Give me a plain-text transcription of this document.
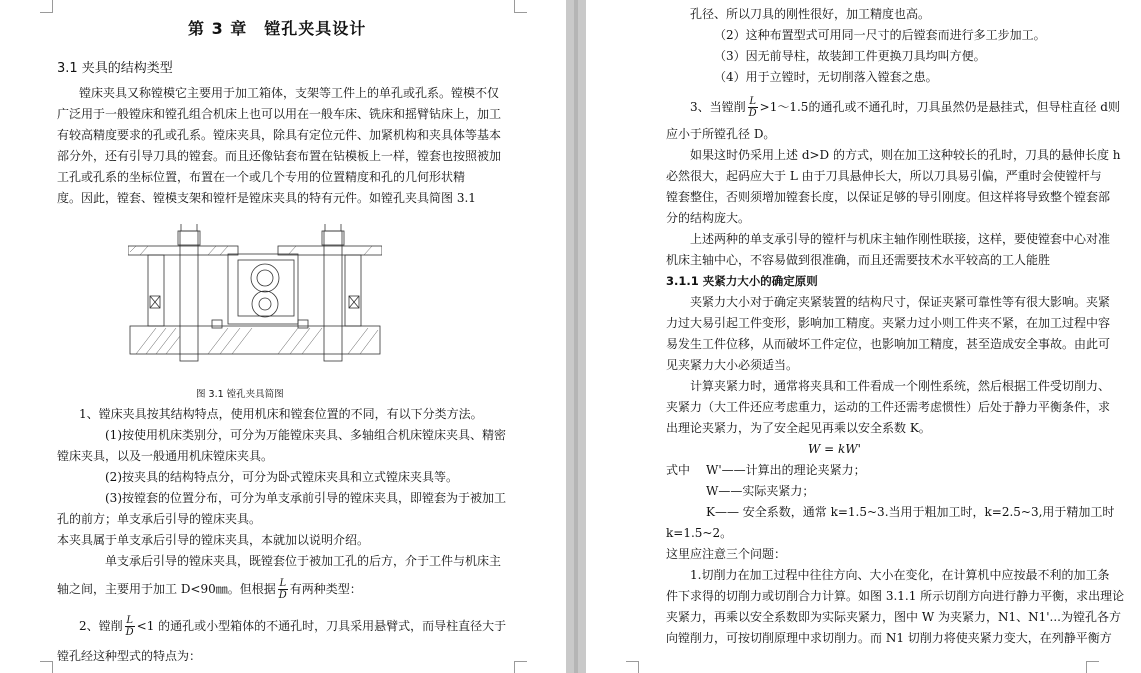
第 3 章　镗孔夹具设计
3.1 夹具的结构类型
镗床夹具又称镗模它主要用于加工箱体，支架等工件上的单孔或孔系。镗模不仅
广泛用于一般镗床和镗孔组合机床上也可以用在一般车床、铣床和摇臂钻床上，加工
有较高精度要求的孔或孔系。镗床夹具，除具有定位元件、加紧机构和夹具体等基本
部分外，还有引导刀具的镗套。而且还像钻套布置在钻模板上一样，镗套也按照被加
工孔或孔系的坐标位置，布置在一个或几个专用的位置精度和孔的几何形状精
度。因此，镗套、镗模支架和镗杆是镗床夹具的特有元件。如镗孔夹具简图 3.1
图 3.1 镗孔夹具简图
1、镗床夹具按其结构特点，使用机床和镗套位置的不同，有以下分类方法。
(1)按使用机床类别分，可分为万能镗床夹具、多轴组合机床镗床夹具、精密
镗床夹具，以及一般通用机床镗床夹具。
(2)按夹具的结构特点分，可分为卧式镗床夹具和立式镗床夹具等。
(3)按镗套的位置分布，可分为单支承前引导的镗床夹具，即镗套为于被加工
孔的前方；单支承后引导的镗床夹具。
本夹具属于单支承后引导的镗床夹具，本就加以说明介绍。
单支承后引导的镗床夹具，既镗套位于被加工孔的后方，介于工件与机床主
轴之间，主要用于加工 D<90㎜。但根据 $\frac{L}{D}$ 有两种类型：
2、镗削 $\frac{L}{D} <1$ 的通孔或小型箱体的不通孔时，刀具采用悬臂式，而导柱直径大于
镗孔经这种型式的特点为：
孔径、所以刀具的刚性很好，加工精度也高。
（2）这种布置型式可用同一尺寸的后镗套而进行多工步加工。
（3）因无前导柱，故装卸工件更换刀具均叫方便。
（4）用于立镗时，无切削落入镗套之患。
3、当镗削 $\frac{L}{D}$ >1～1.5的通孔或不通孔时，刀具虽然仍是悬挂式，但导柱直径 d则
应小于所镗孔径 D。
如果这时仍采用上述 d>D 的方式，则在加工这种较长的孔时，刀具的悬伸长度 h
必然很大，起码应大于 L 由于刀具悬伸长大，所以刀具易引偏，严重时会使镗杆与
镗套整住，否则须增加镗套长度，以保证足够的导引刚度。但这样将导致整个镗套部
分的结构庞大。
上述两种的单支承引导的镗杆与机床主轴作刚性联接，这样，要使镗套中心对准
机床主轴中心，不容易做到很准确，而且还需要技术水平较高的工人能胜
3.1.1 夹紧力大小的确定原则
夹紧力大小对于确定夹紧装置的结构尺寸，保证夹紧可靠性等有很大影响。夹紧
力过大易引起工件变形，影响加工精度。夹紧力过小则工件夹不紧，在加工过程中容
易发生工件位移，从而破坏工件定位，也影响加工精度，甚至造成安全事故。由此可
见夹紧力大小必须适当。
计算夹紧力时，通常将夹具和工件看成一个刚性系统，然后根据工件受切削力、
夹紧力（大工件还应考虑重力，运动的工件还需考虑惯性）后处于静力平衡条件，求
出理论夹紧力，为了安全起见再乘以安全系数 K。
W = kW'
式中 W'——计算出的理论夹紧力；
W——实际夹紧力；
K—— 安全系数，通常 k=1.5~3.当用于粗加工时，k=2.5~3,用于精加工时
k=1.5~2。
这里应注意三个问题：
1.切削力在加工过程中往往方向、大小在变化，在计算机中应按最不利的加工条
件下求得的切削力或切削合力计算。如图 3.1.1 所示切削方向进行静力平衡，求出理论
夹紧力，再乘以安全系数即为实际夹紧力，图中 W 为夹紧力，N1、N1'...为镗孔各方
向镗削力，可按切削原理中求切削力。而 N1 切削力将使夹紧力变大，在列静平衡方
